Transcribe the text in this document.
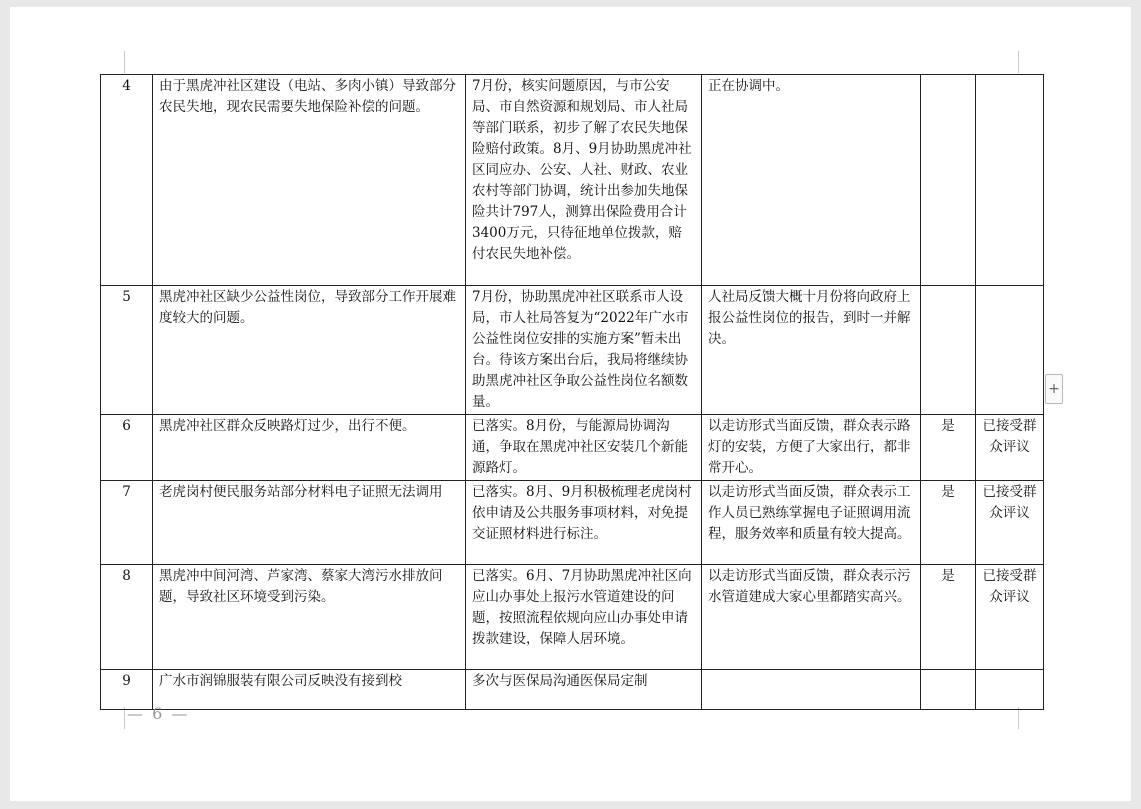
4	由于黑虎冲社区建设（电站、多肉小镇）导致部分农民失地，现农民需要失地保险补偿的问题。	7月份，核实问题原因，与市公安局、市自然资源和规划局、市人社局等部门联系，初步了解了农民失地保险赔付政策。8月、9月协助黑虎冲社区同应办、公安、人社、财政、农业农村等部门协调，统计出参加失地保险共计797人，测算出保险费用合计3400万元，只待征地单位拨款，赔付农民失地补偿。	正在协调中。		
5	黑虎冲社区缺少公益性岗位，导致部分工作开展难度较大的问题。	7月份，协助黑虎冲社区联系市人设局，市人社局答复为“2022年广水市公益性岗位安排的实施方案”暂未出台。待该方案出台后，我局将继续协助黑虎冲社区争取公益性岗位名额数量。	人社局反馈大概十月份将向政府上报公益性岗位的报告，到时一并解决。		
6	黑虎冲社区群众反映路灯过少，出行不便。	已落实。8月份，与能源局协调沟通，争取在黑虎冲社区安装几个新能源路灯。	以走访形式当面反馈，群众表示路灯的安装，方便了大家出行，都非常开心。	是	已接受群众评议
7	老虎岗村便民服务站部分材料电子证照无法调用	已落实。8月、9月积极梳理老虎岗村依申请及公共服务事项材料，对免提交证照材料进行标注。	以走访形式当面反馈，群众表示工作人员已熟练掌握电子证照调用流程，服务效率和质量有较大提高。	是	已接受群众评议
8	黑虎冲中间河湾、芦家湾、蔡家大湾污水排放问题，导致社区环境受到污染。	已落实。6月、7月协助黑虎冲社区向应山办事处上报污水管道建设的问题，按照流程依规向应山办事处申请拨款建设，保障人居环境。	以走访形式当面反馈，群众表示污水管道建成大家心里都踏实高兴。	是	已接受群众评议
9	广水市润锦服装有限公司反映没有接到校	多次与医保局沟通医保局定制			
— 6 —
+
